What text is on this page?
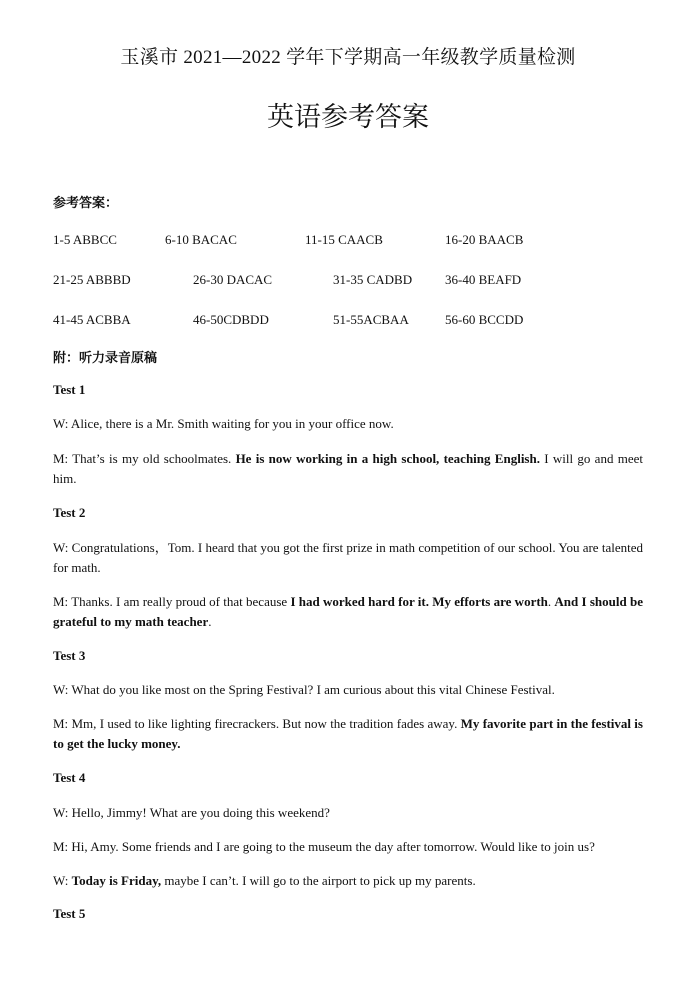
玉溪市 2021—2022 学年下学期高一年级教学质量检测
英语参考答案
参考答案：
1-5 ABBCC	6-10 BACAC	11-15 CAACB	16-20 BAACB
21-25 ABBBD	26-30 DACAC	31-35 CADBD	36-40 BEAFD
41-45 ACBBA	46-50CDBDD	51-55ACBAA	56-60 BCCDD
附：听力录音原稿
Test 1
W: Alice, there is a Mr. Smith waiting for you in your office now.
M: That’s is my old schoolmates. He is now working in a high school, teaching English. I will go and meet him.
Test 2
W: Congratulations，Tom. I heard that you got the first prize in math competition of our school. You are talented for math.
M: Thanks. I am really proud of that because I had worked hard for it. My efforts are worth. And I should be grateful to my math teacher.
Test 3
W: What do you like most on the Spring Festival? I am curious about this vital Chinese Festival.
M: Mm, I used to like lighting firecrackers. But now the tradition fades away. My favorite part in the festival is to get the lucky money.
Test 4
W: Hello, Jimmy! What are you doing this weekend?
M: Hi, Amy. Some friends and I are going to the museum the day after tomorrow. Would like to join us?
W: Today is Friday, maybe I can’t. I will go to the airport to pick up my parents.
Test 5
